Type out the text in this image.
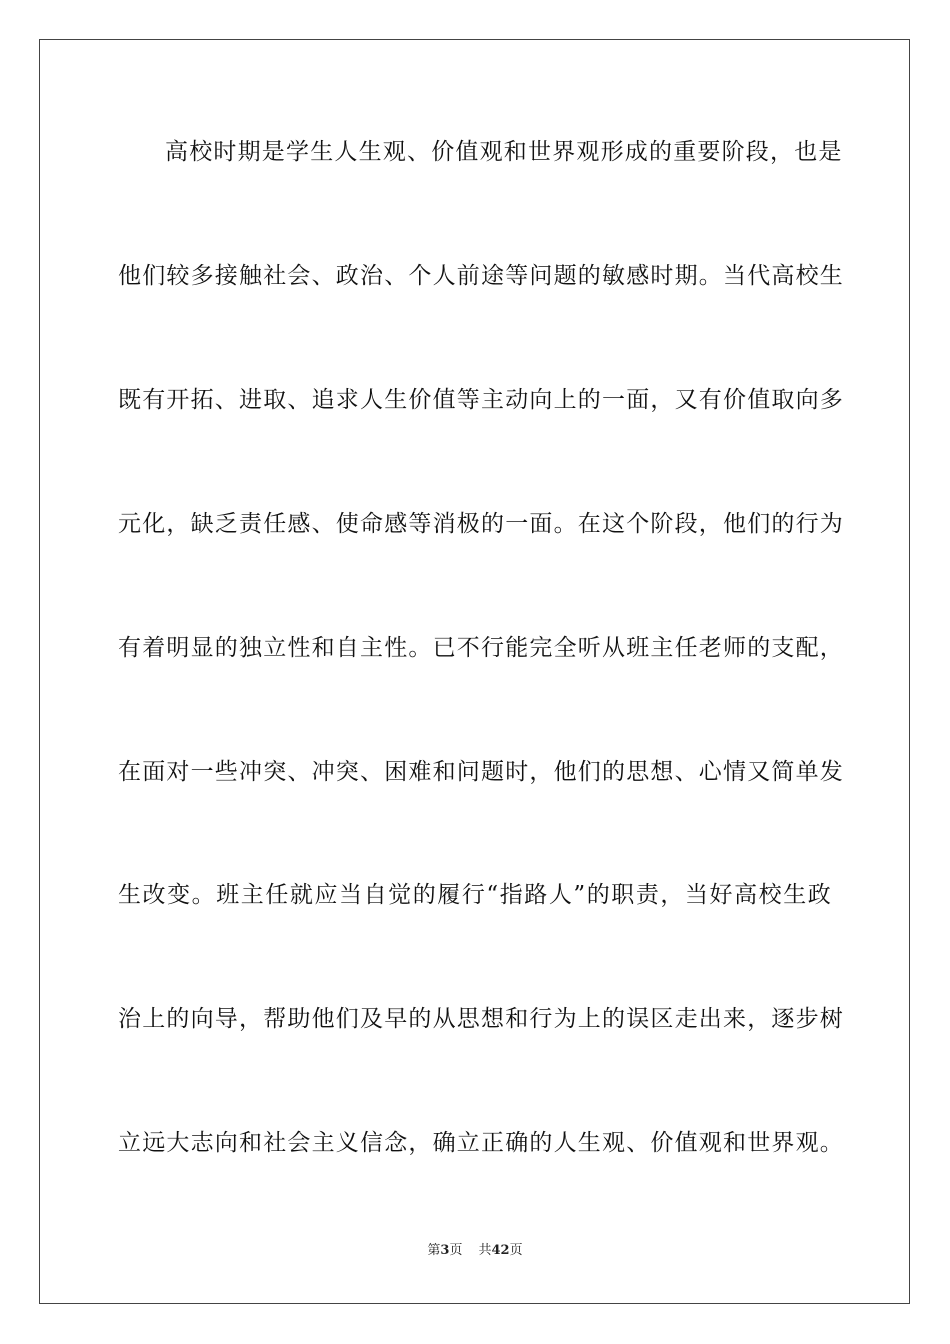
高校时期是学生人生观、价值观和世界观形成的重要阶段，也是
他们较多接触社会、政治、个人前途等问题的敏感时期。当代高校生
既有开拓、进取、追求人生价值等主动向上的一面，又有价值取向多
元化，缺乏责任感、使命感等消极的一面。在这个阶段，他们的行为
有着明显的独立性和自主性。已不行能完全听从班主任老师的支配，
在面对一些冲突、冲突、困难和问题时，他们的思想、心情又简单发
生改变。班主任就应当自觉的履行“指路人”的职责，当好高校生政
治上的向导，帮助他们及早的从思想和行为上的误区走出来，逐步树
立远大志向和社会主义信念，确立正确的人生观、价值观和世界观。
第3页 共42页
